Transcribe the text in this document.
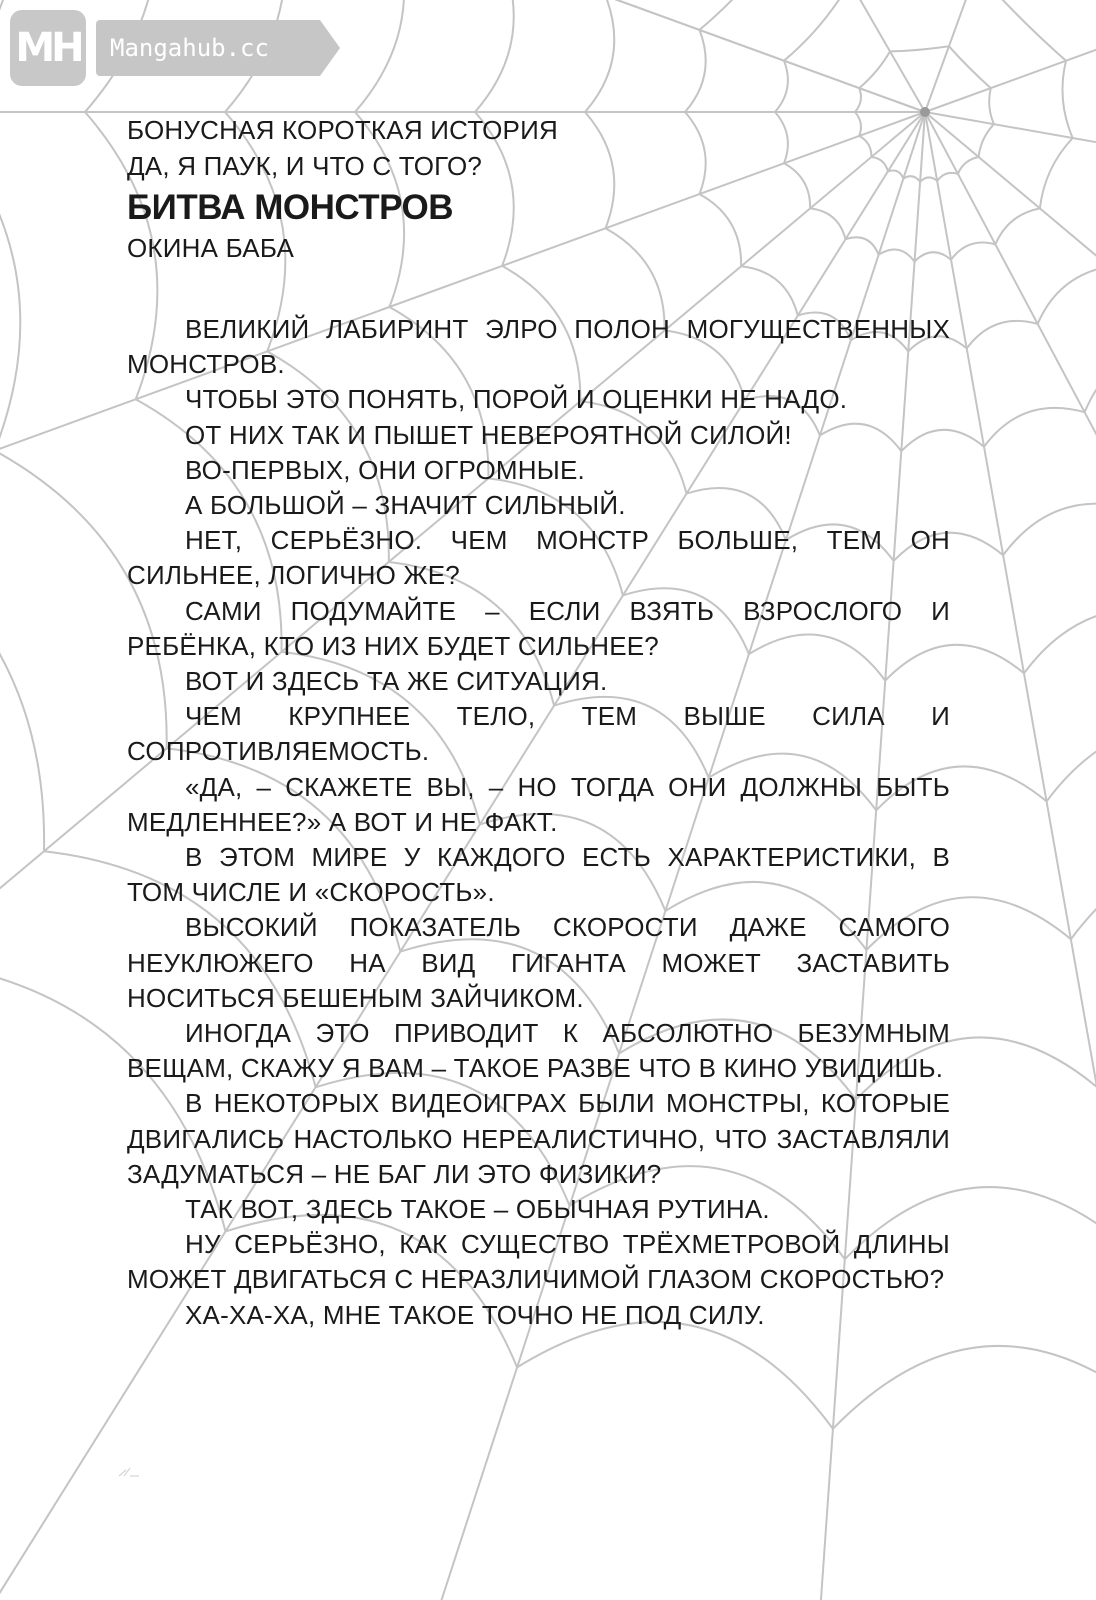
MH	Mangahub.cc

БОНУСНАЯ КОРОТКАЯ ИСТОРИЯ

ДА, Я ПАУК, И ЧТО С ТОГО?

БИТВА МОНСТРОВ

ОКИНА БАБА

ВЕЛИКИЙ ЛАБИРИНТ ЭЛРО ПОЛОН МОГУЩЕСТВЕННЫХ МОНСТРОВ.

ЧТОБЫ ЭТО ПОНЯТЬ, ПОРОЙ И ОЦЕНКИ НЕ НАДО.

ОТ НИХ ТАК И ПЫШЕТ НЕВЕРОЯТНОЙ СИЛОЙ!

ВО-ПЕРВЫХ, ОНИ ОГРОМНЫЕ.

А БОЛЬШОЙ – ЗНАЧИТ СИЛЬНЫЙ.

НЕТ, СЕРЬЁЗНО. ЧЕМ МОНСТР БОЛЬШЕ, ТЕМ ОН СИЛЬНЕЕ, ЛОГИЧНО ЖЕ?

САМИ ПОДУМАЙТЕ – ЕСЛИ ВЗЯТЬ ВЗРОСЛОГО И РЕБЁНКА, КТО ИЗ НИХ БУДЕТ СИЛЬНЕЕ?

ВОТ И ЗДЕСЬ ТА ЖЕ СИТУАЦИЯ.

ЧЕМ КРУПНЕЕ ТЕЛО, ТЕМ ВЫШЕ СИЛА И СОПРОТИВЛЯЕМОСТЬ.

«ДА, – СКАЖЕТЕ ВЫ, – НО ТОГДА ОНИ ДОЛЖНЫ БЫТЬ МЕДЛЕННЕЕ?» А ВОТ И НЕ ФАКТ.

В ЭТОМ МИРЕ У КАЖДОГО ЕСТЬ ХАРАКТЕРИСТИКИ, В ТОМ ЧИСЛЕ И «СКОРОСТЬ».

ВЫСОКИЙ ПОКАЗАТЕЛЬ СКОРОСТИ ДАЖЕ САМОГО НЕУКЛЮЖЕГО НА ВИД ГИГАНТА МОЖЕТ ЗАСТАВИТЬ НОСИТЬСЯ БЕШЕНЫМ ЗАЙЧИКОМ.

ИНОГДА ЭТО ПРИВОДИТ К АБСОЛЮТНО БЕЗУМНЫМ ВЕЩАМ, СКАЖУ Я ВАМ – ТАКОЕ РАЗВЕ ЧТО В КИНО УВИДИШЬ.

В НЕКОТОРЫХ ВИДЕОИГРАХ БЫЛИ МОНСТРЫ, КОТОРЫЕ ДВИГАЛИСЬ НАСТОЛЬКО НЕРЕАЛИСТИЧНО, ЧТО ЗАСТАВЛЯЛИ ЗАДУМАТЬСЯ – НЕ БАГ ЛИ ЭТО ФИЗИКИ?

ТАК ВОТ, ЗДЕСЬ ТАКОЕ – ОБЫЧНАЯ РУТИНА.

НУ СЕРЬЁЗНО, КАК СУЩЕСТВО ТРЁХМЕТРОВОЙ ДЛИНЫ МОЖЕТ ДВИГАТЬСЯ С НЕРАЗЛИЧИМОЙ ГЛАЗОМ СКОРОСТЬЮ?

ХА-ХА-ХА, МНЕ ТАКОЕ ТОЧНО НЕ ПОД СИЛУ.
